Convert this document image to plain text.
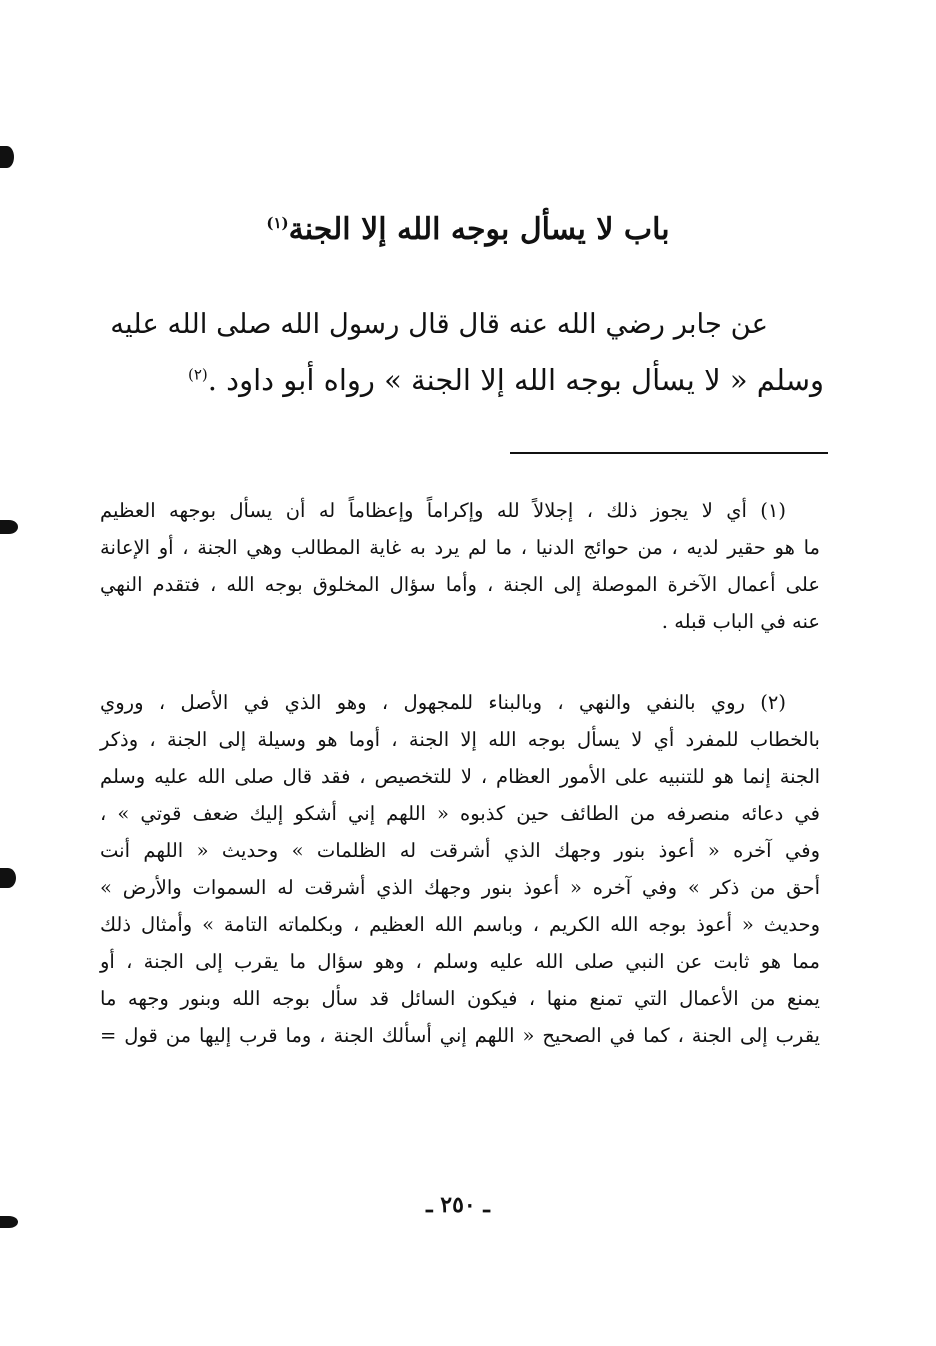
باب لا يسأل بوجه الله إلا الجنة$^{(١)}$
عن جابر رضي الله عنه قال قال رسول الله صلى الله عليه
وسلم « لا يسأل بوجه الله إلا الجنة » رواه أبو داود .$^{(٢)}$
(١) أي لا يجوز ذلك ، إجلالاً لله وإكراماً وإعظاماً له أن يسأل بوجهه العظيم
ما هو حقير لديه ، من حوائج الدنيا ، ما لم يرد به غاية المطالب وهي الجنة ، أو الإعانة
على أعمال الآخرة الموصلة إلى الجنة ، وأما سؤال المخلوق بوجه الله ، فتقدم النهي
عنه في الباب قبله .
(٢) روي بالنفي والنهي ، وبالبناء للمجهول ، وهو الذي في الأصل ، وروي
بالخطاب للمفرد أي لا يسأل بوجه الله إلا الجنة ، أوما هو وسيلة إلى الجنة ، وذكر
الجنة إنما هو للتنبيه على الأمور العظام ، لا للتخصيص ، فقد قال صلى الله عليه وسلم
في دعائه منصرفه من الطائف حين كذبوه « اللهم إني أشكو إليك ضعف قوتي » ،
وفي آخره « أعوذ بنور وجهك الذي أشرقت له الظلمات » وحديث « اللهم أنت
أحق من ذكر » وفي آخره « أعوذ بنور وجهك الذي أشرقت له السموات والأرض »
وحديث « أعوذ بوجه الله الكريم ، وباسم الله العظيم ، وبكلماته التامة » وأمثال ذلك
مما هو ثابت عن النبي صلى الله عليه وسلم ، وهو سؤال ما يقرب إلى الجنة ، أو
يمنع من الأعمال التي تمنع منها ، فيكون السائل قد سأل بوجه الله وبنور وجهه ما
يقرب إلى الجنة ، كما في الصحيح « اللهم إني أسألك الجنة ، وما قرب إليها من قول =
ـ ٢٥٠ ـ
